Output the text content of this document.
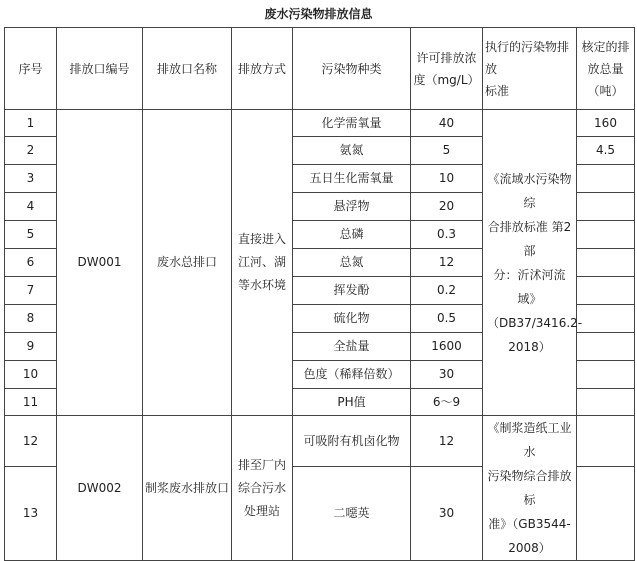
废水污染物排放信息
序号	排放口编号	排放口名称	排放方式	污染物种类	许可排放浓
度（mg/L）	执行的污染物排放
标准	核定的排
放总量
（吨）
1	DW001	废水总排口	直接进入
江河、湖
等水环境	化学需氧量	40	《流域水污染物综
合排放标准 第2部
分：沂沭河流域》
（DB37/3416.2-
2018）	160
2				氨氮	5		4.5
3				五日生化需氧量	10		
4				悬浮物	20		
5				总磷	0.3		
6				总氮	12		
7				挥发酚	0.2		
8				硫化物	0.5		
9				全盐量	1600		
10				色度（稀释倍数）	30		
11				PH值	6～9		
12	DW002	制浆废水排放口	排至厂内
综合污水
处理站	可吸附有机卤化物	12	《制浆造纸工业水
污染物综合排放标
准》（GB3544-
2008）	
13				二噁英	30		
